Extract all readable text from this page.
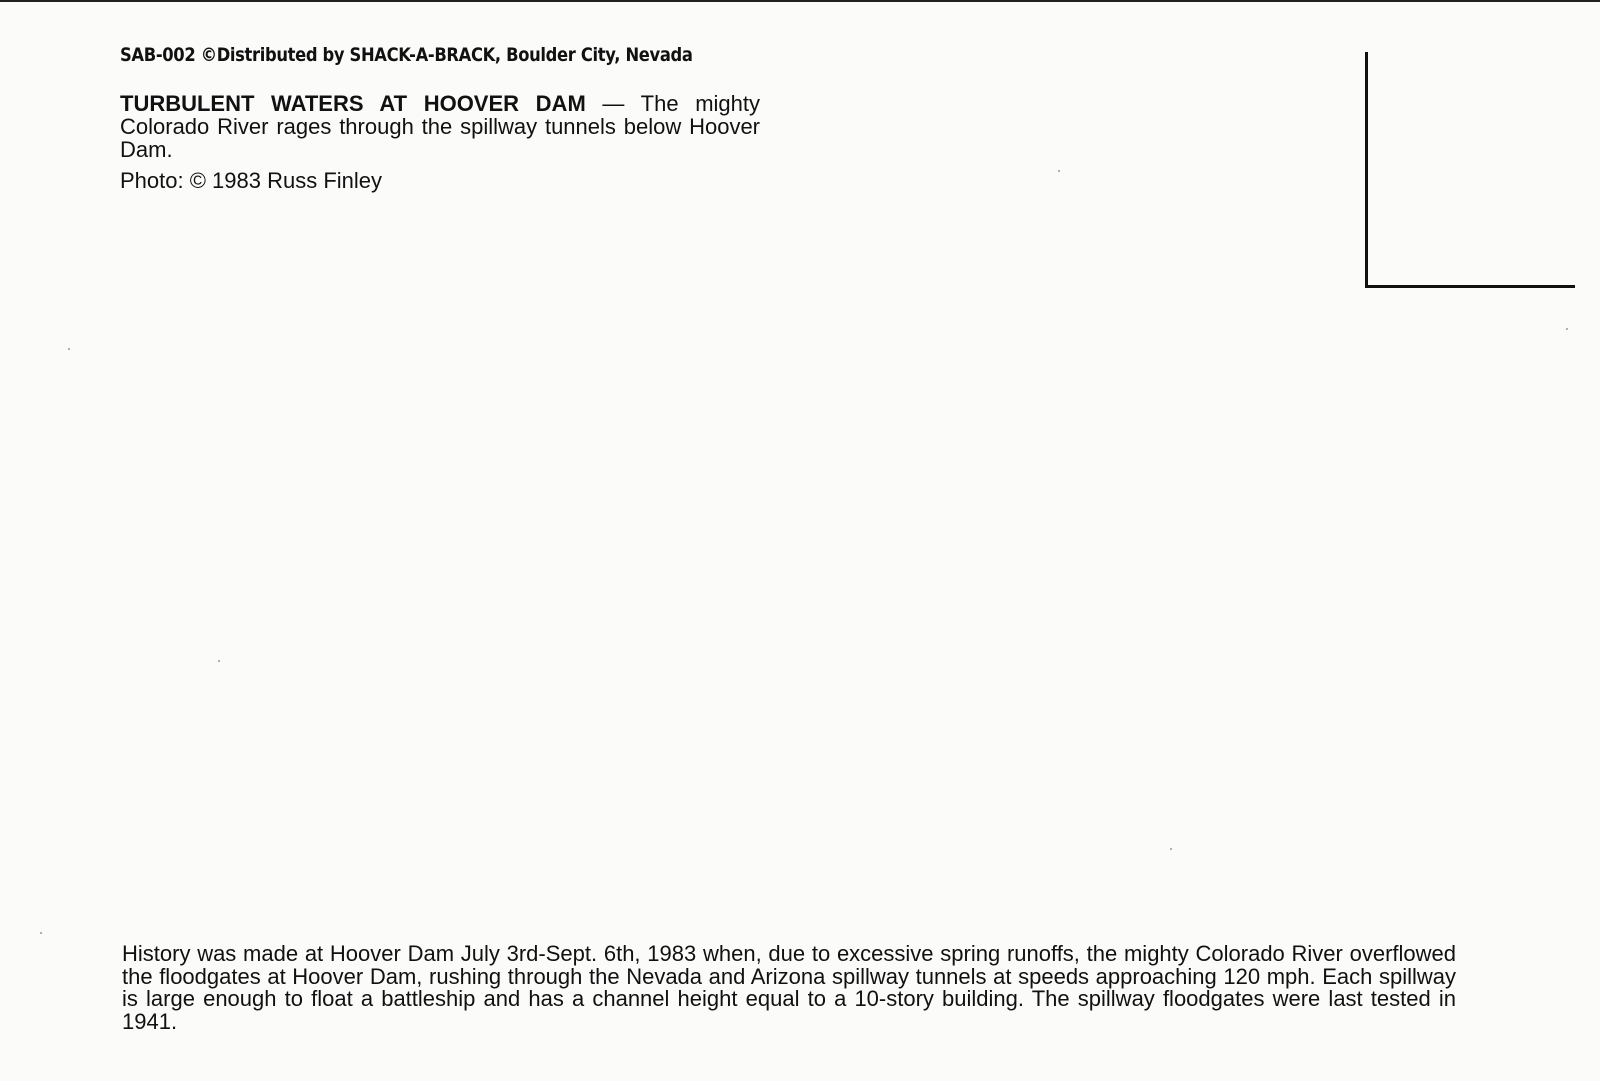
SAB-002 ©Distributed by SHACK-A-BRACK, Boulder City, Nevada
TURBULENT WATERS AT HOOVER DAM — The mighty Colorado River rages through the spillway tunnels below Hoover Dam.
Photo: © 1983 Russ Finley
History was made at Hoover Dam July 3rd-Sept. 6th, 1983 when, due to excessive spring runoffs, the mighty Colorado River overflowed the floodgates at Hoover Dam, rushing through the Nevada and Arizona spillway tunnels at speeds approaching 120 mph. Each spillway is large enough to float a battleship and has a channel height equal to a 10-story building. The spillway floodgates were last tested in 1941.
